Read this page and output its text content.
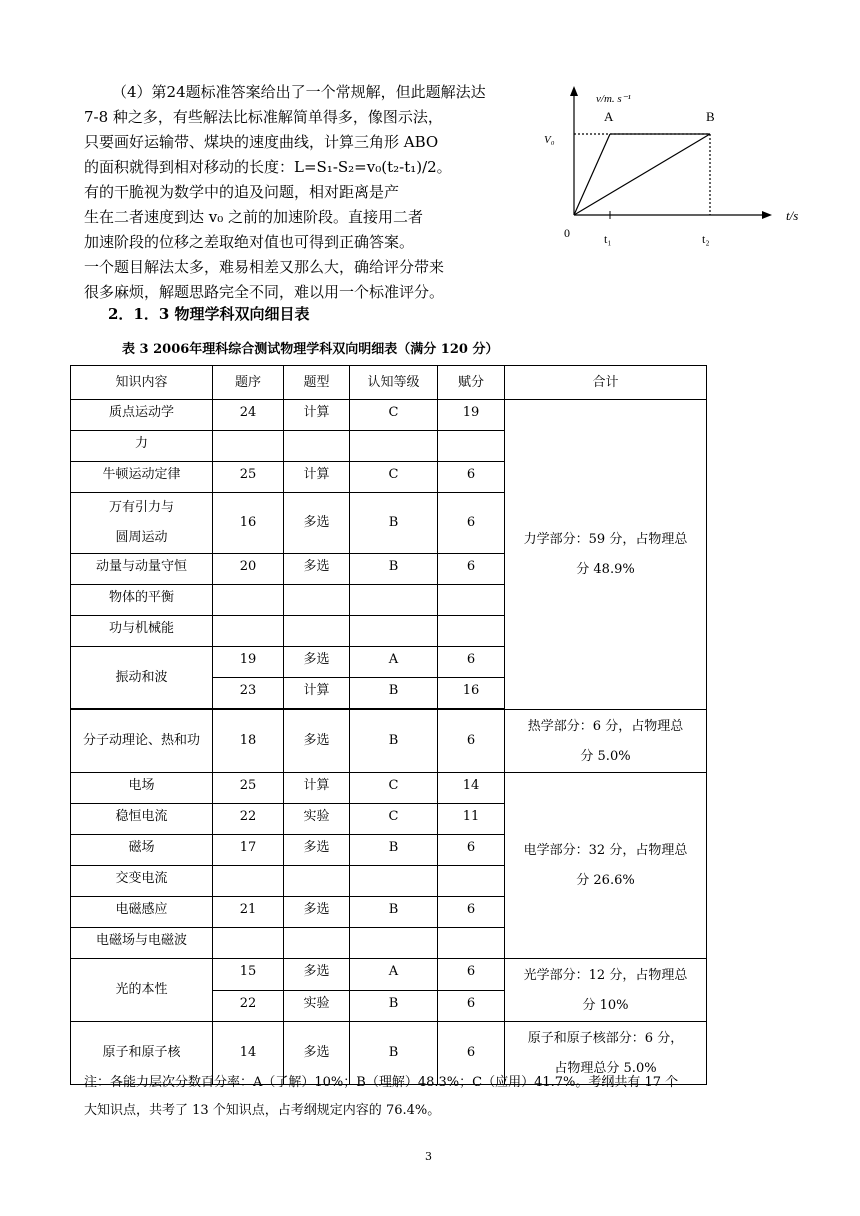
（4）第24题标准答案给出了一个常规解，但此题解法达
7-8 种之多，有些解法比标准解简单得多，像图示法，
只要画好运输带、煤块的速度曲线，计算三角形 ABO
的面积就得到相对移动的长度：L=S₁-S₂=v₀(t₂-t₁)/2。
有的干脆视为数学中的追及问题，相对距离是产
生在二者速度到达 v₀ 之前的加速阶段。直接用二者
加速阶段的位移之差取绝对值也可得到正确答案。
一个题目解法太多，难易相差又那么大，确给评分带来
很多麻烦，解题思路完全不同，难以用一个标准评分。
v/m. s⁻¹
t/s
V₀
0
A	B
t₁	t₂
2．1．3 物理学科双向细目表
表 3 2006年理科综合测试物理学科双向明细表（满分 120 分）
知识内容	题序	题型	认知等级	赋分	合计
质点运动学	24	计算	C	19	力学部分：59 分，占物理总
分 48.9%

力					
牛顿运动定律	25	计算	C	6	

万有引力与
圆周运动	16	多选	B	6	
动量与动量守恒	20	多选	B	6	
物体的平衡					
功与机械能					
振动和波	19	多选	A	6	
	23	计算	B	16	

分子动理论、热和功	18	多选	B	6	热学部分：6 分，占物理总
分 5.0%

电场	25	计算	C	14	电学部分：32 分，占物理总
分 26.6%

稳恒电流	22	实验	C	11	
磁场	17	多选	B	6	
交变电流					
电磁感应	21	多选	B	6	
电磁场与电磁波					
光的本性	15	多选	A	6	光学部分：12 分，占物理总
分 10%

	22	实验	B	6	
原子和原子核	14	多选	B	6	原子和原子核部分：6 分，
占物理总分 5.0%
注：各能力层次分数百分率：A（了解）10%；B（理解）48.3%；C（应用）41.7%。考纲共有 17 个
大知识点，共考了 13 个知识点，占考纲规定内容的 76.4%。
3
